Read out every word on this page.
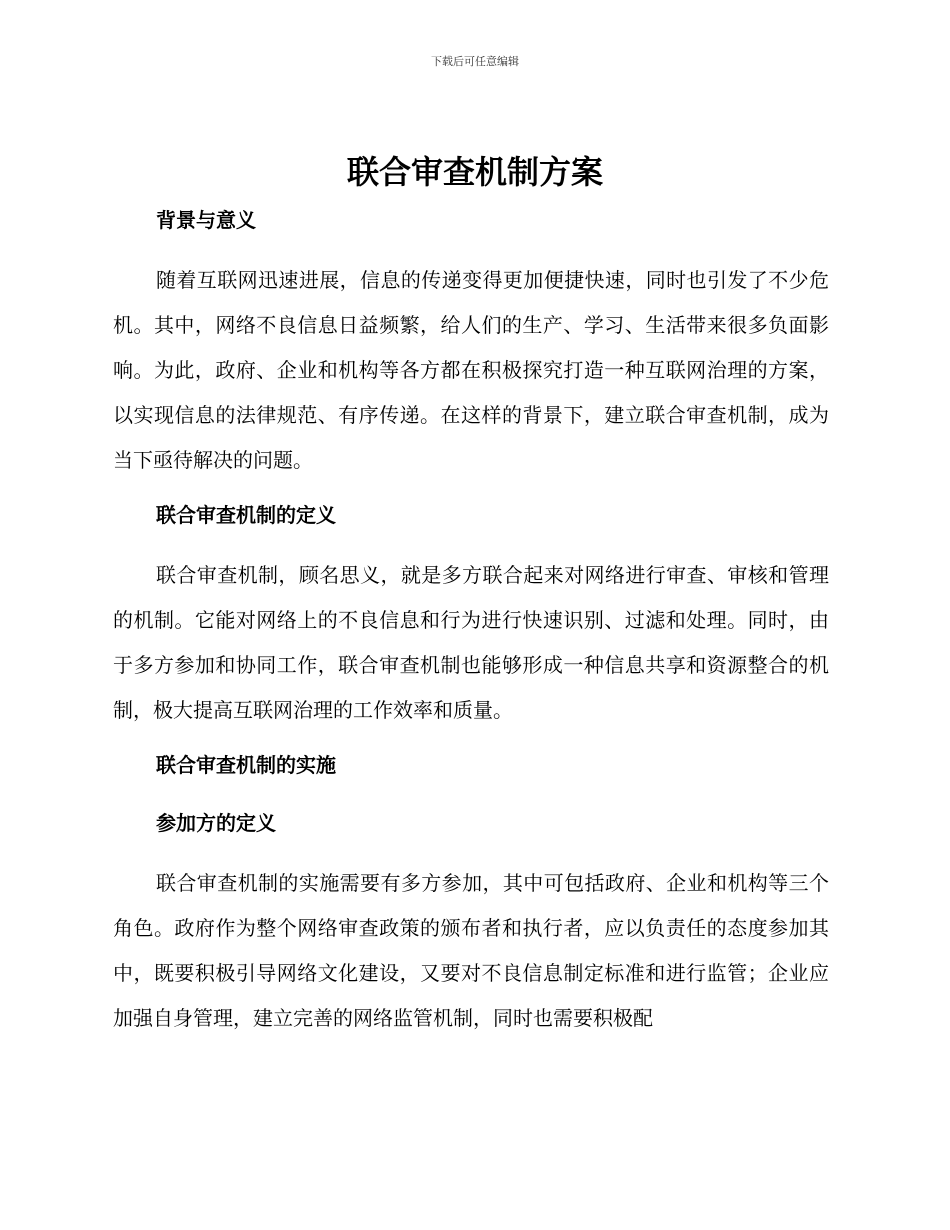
下载后可任意编辑
联合审查机制方案
背景与意义

随着互联网迅速进展，信息的传递变得更加便捷快速，同时也引发了不少危机。其中，网络不良信息日益频繁，给人们的生产、学习、生活带来很多负面影响。为此，政府、企业和机构等各方都在积极探究打造一种互联网治理的方案，以实现信息的法律规范、有序传递。在这样的背景下，建立联合审查机制，成为当下亟待解决的问题。

联合审查机制的定义

联合审查机制，顾名思义，就是多方联合起来对网络进行审查、审核和管理的机制。它能对网络上的不良信息和行为进行快速识别、过滤和处理。同时，由于多方参加和协同工作，联合审查机制也能够形成一种信息共享和资源整合的机制，极大提高互联网治理的工作效率和质量。

联合审查机制的实施
参加方的定义

联合审查机制的实施需要有多方参加，其中可包括政府、企业和机构等三个角色。政府作为整个网络审查政策的颁布者和执行者，应以负责任的态度参加其中，既要积极引导网络文化建设，又要对不良信息制定标准和进行监管；企业应加强自身管理，建立完善的网络监管机制，同时也需要积极配
